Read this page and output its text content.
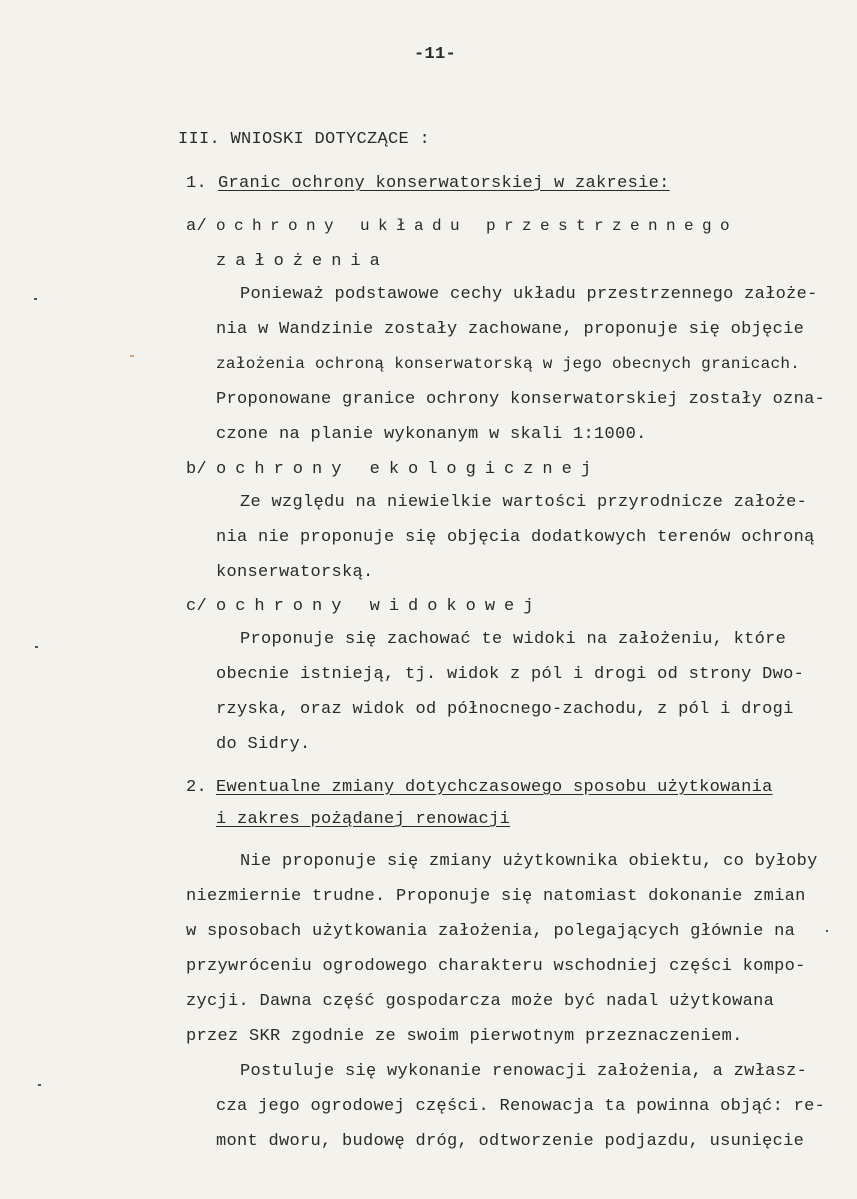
-11-
III. WNIOSKI DOTYCZĄCE :
1. Granic ochrony konserwatorskiej w zakresie:
a/ ochrony układu przestrzennego
założenia
Ponieważ podstawowe cechy układu przestrzennego założe-
nia w Wandzinie zostały zachowane, proponuje się objęcie
założenia ochroną konserwatorską w jego obecnych granicach.
Proponowane granice ochrony konserwatorskiej zostały ozna-
czone na planie wykonanym w skali 1:1000.
b/ ochrony ekologicznej
Ze względu na niewielkie wartości przyrodnicze założe-
nia nie proponuje się objęcia dodatkowych terenów ochroną
konserwatorską.
c/ ochrony widokowej
Proponuje się zachować te widoki na założeniu, które
obecnie istnieją, tj. widok z pól i drogi od strony Dwo-
rzyska, oraz widok od północnego-zachodu, z pól i drogi
do Sidry.
2. Ewentualne zmiany dotychczasowego sposobu użytkowania
i zakres pożądanej renowacji
Nie proponuje się zmiany użytkownika obiektu, co byłoby
niezmiernie trudne. Proponuje się natomiast dokonanie zmian
w sposobach użytkowania założenia, polegających głównie na
przywróceniu ogrodowego charakteru wschodniej części kompo-
zycji. Dawna część gospodarcza może być nadal użytkowana
przez SKR zgodnie ze swoim pierwotnym przeznaczeniem.
Postuluje się wykonanie renowacji założenia, a zwłasz-
cza jego ogrodowej części. Renowacja ta powinna objąć: re-
mont dworu, budowę dróg, odtworzenie podjazdu, usunięcie
